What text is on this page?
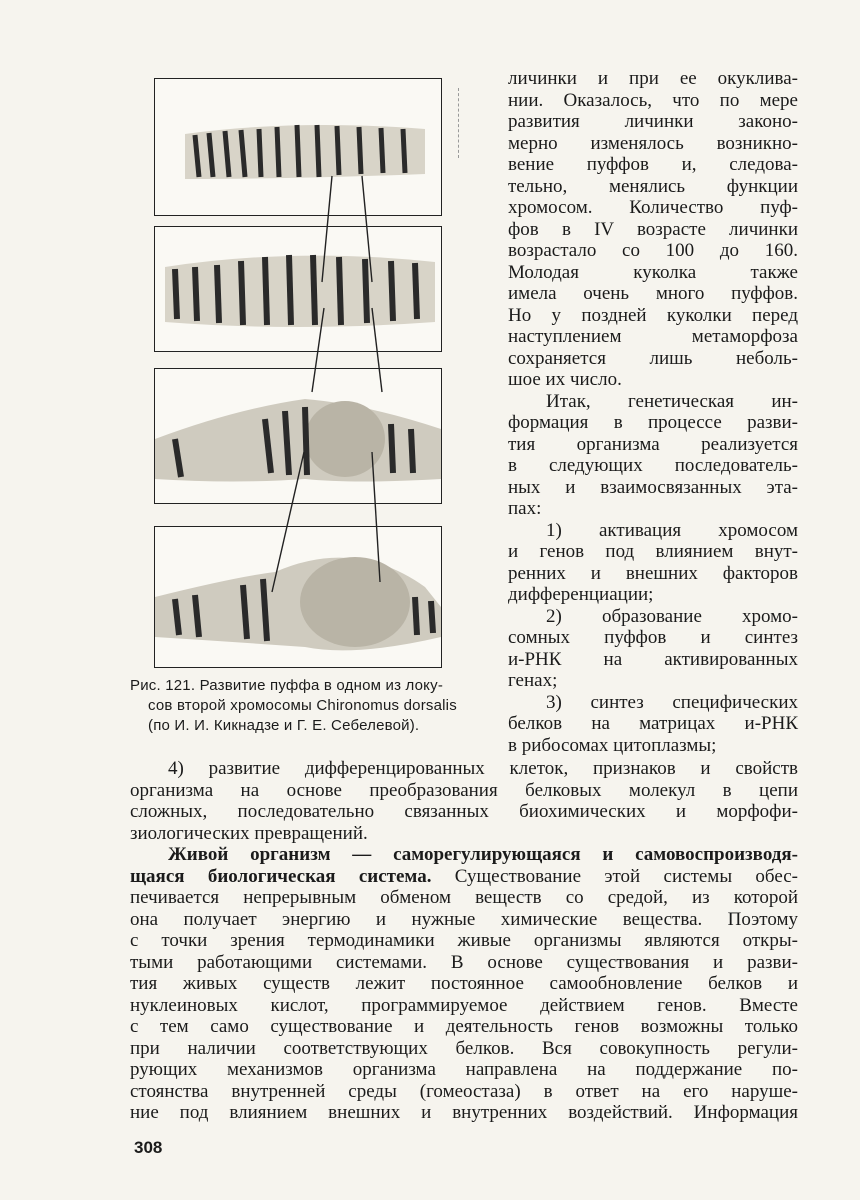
Рис. 121. Развитие пуффа в одном из локу-
сов второй хромосомы Chironomus dorsalis
(по И. И. Кикнадзе и Г. Е. Себелевой).
личинки и при ее окуклива-
нии. Оказалось, что по мере
развития личинки законо-
мерно изменялось возникно-
вение пуффов и, следова-
тельно, менялись функции
хромосом. Количество пуф-
фов в IV возрасте личинки
возрастало со 100 до 160.
Молодая куколка также
имела очень много пуффов.
Но у поздней куколки перед
наступлением метаморфоза
сохраняется лишь неболь-
шое их число.
Итак, генетическая ин-
формация в процессе разви-
тия организма реализуется
в следующих последователь-
ных и взаимосвязанных эта-
пах:
1) активация хромосом
и генов под влиянием внут-
ренних и внешних факторов
дифференциации;
2) образование хромо-
сомных пуффов и синтез
и-РНК на активированных
генах;
3) синтез специфических
белков на матрицах и-РНК
в рибосомах цитоплазмы;
4) развитие дифференцированных клеток, признаков и свойств
организма на основе преобразования белковых молекул в цепи
сложных, последовательно связанных биохимических и морфофи-
зиологических превращений.
Живой организм — саморегулирующаяся и самовоспроизводя-
щаяся биологическая система. Существование этой системы обес-
печивается непрерывным обменом веществ со средой, из которой
она получает энергию и нужные химические вещества. Поэтому
с точки зрения термодинамики живые организмы являются откры-
тыми работающими системами. В основе существования и разви-
тия живых существ лежит постоянное самообновление белков и
нуклеиновых кислот, программируемое действием генов. Вместе
с тем само существование и деятельность генов возможны только
при наличии соответствующих белков. Вся совокупность регули-
рующих механизмов организма направлена на поддержание по-
стоянства внутренней среды (гомеостаза) в ответ на его наруше-
ние под влиянием внешних и внутренних воздействий. Информация
308
